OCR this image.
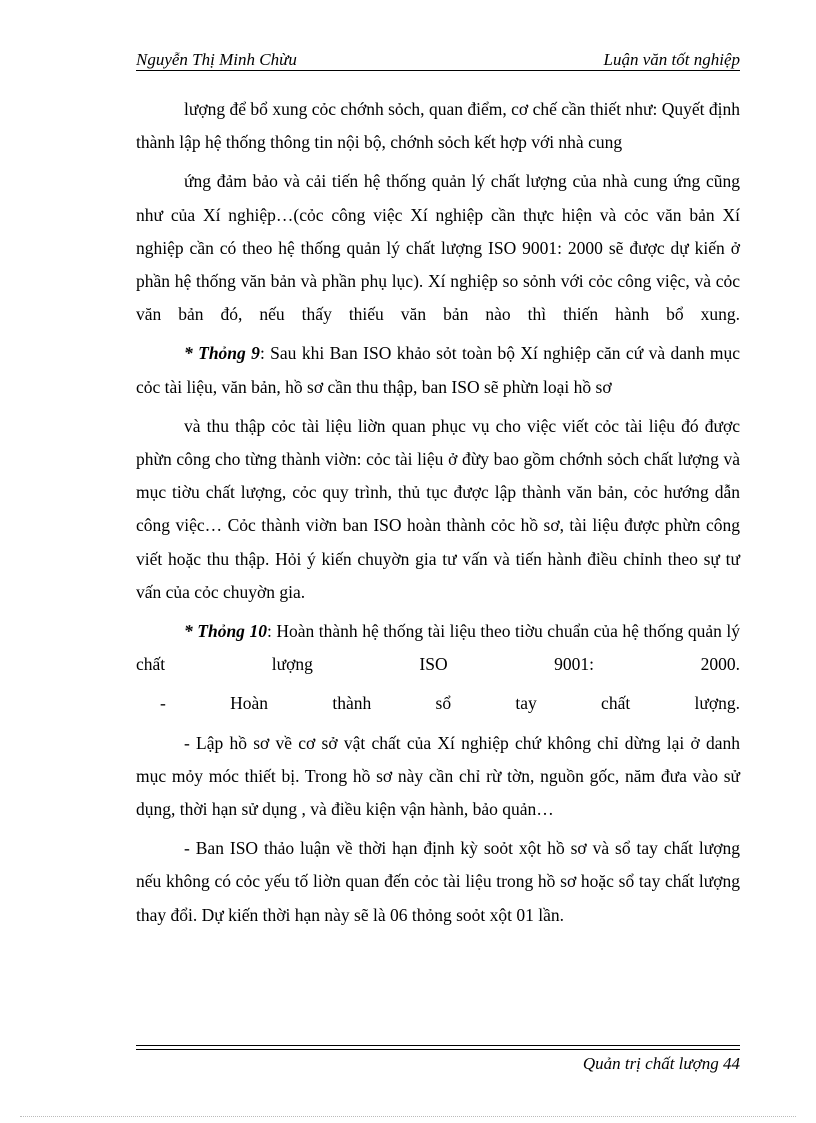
Nguyễn Thị Minh Chừu	Luận văn tốt nghiệp

lượng để bổ xung cỏc chớnh sỏch, quan điểm, cơ chế cần thiết như: Quyết định thành lập hệ thống thông tin nội bộ, chớnh sỏch kết hợp với nhà cung

ứng đảm bảo và cải tiến hệ thống quản lý chất lượng của nhà cung ứng cũng như của Xí nghiệp…(cỏc công việc Xí nghiệp cần thực hiện và cỏc văn bản Xí nghiệp cần có theo hệ thống quản lý chất lượng ISO 9001: 2000 sẽ được dự kiến ở phần hệ thống văn bản và phần phụ lục). Xí nghiệp so sỏnh với cỏc công việc, và cỏc văn bản đó, nếu thấy thiếu văn bản nào thì thiến hành bổ xung.

* Thỏng 9: Sau khi Ban ISO khảo sỏt toàn bộ Xí nghiệp căn cứ và danh mục cỏc tài liệu, văn bản, hồ sơ cần thu thập, ban ISO sẽ phừn loại hồ sơ

và thu thập cỏc tài liệu liờn quan phục vụ cho việc viết cỏc tài liệu đó được phừn công cho từng thành viờn: cỏc tài liệu ở đừy bao gồm chớnh sỏch chất lượng và mục tiờu chất lượng, cỏc quy trình, thủ tục được lập thành văn bản, cỏc hướng dẫn công việc… Cỏc thành viờn ban ISO hoàn thành cỏc hồ sơ, tài liệu được phừn công viết hoặc thu thập. Hỏi ý kiến chuyờn gia tư vấn và tiến hành điều chỉnh theo sự tư vấn của cỏc chuyờn gia.

* Thỏng 10: Hoàn thành hệ thống tài liệu theo tiờu chuẩn của hệ thống quản lý chất lượng ISO 9001: 2000.

- Hoàn thành sổ tay chất lượng.

- Lập hồ sơ về cơ sở vật chất của Xí nghiệp chứ không chỉ dừng lại ở danh mục mỏy móc thiết bị. Trong hồ sơ này cần chỉ rừ tờn, nguồn gốc, năm đưa vào sử dụng, thời hạn sử dụng , và điều kiện vận hành, bảo quản…

- Ban ISO thảo luận về thời hạn định kỳ soỏt xột hồ sơ và sổ tay chất lượng nếu không có cỏc yếu tố liờn quan đến cỏc tài liệu trong hồ sơ hoặc sổ tay chất lượng thay đổi. Dự kiến thời hạn này sẽ là 06 thỏng soỏt xột 01 lần.

Quản trị chất lượng 44
